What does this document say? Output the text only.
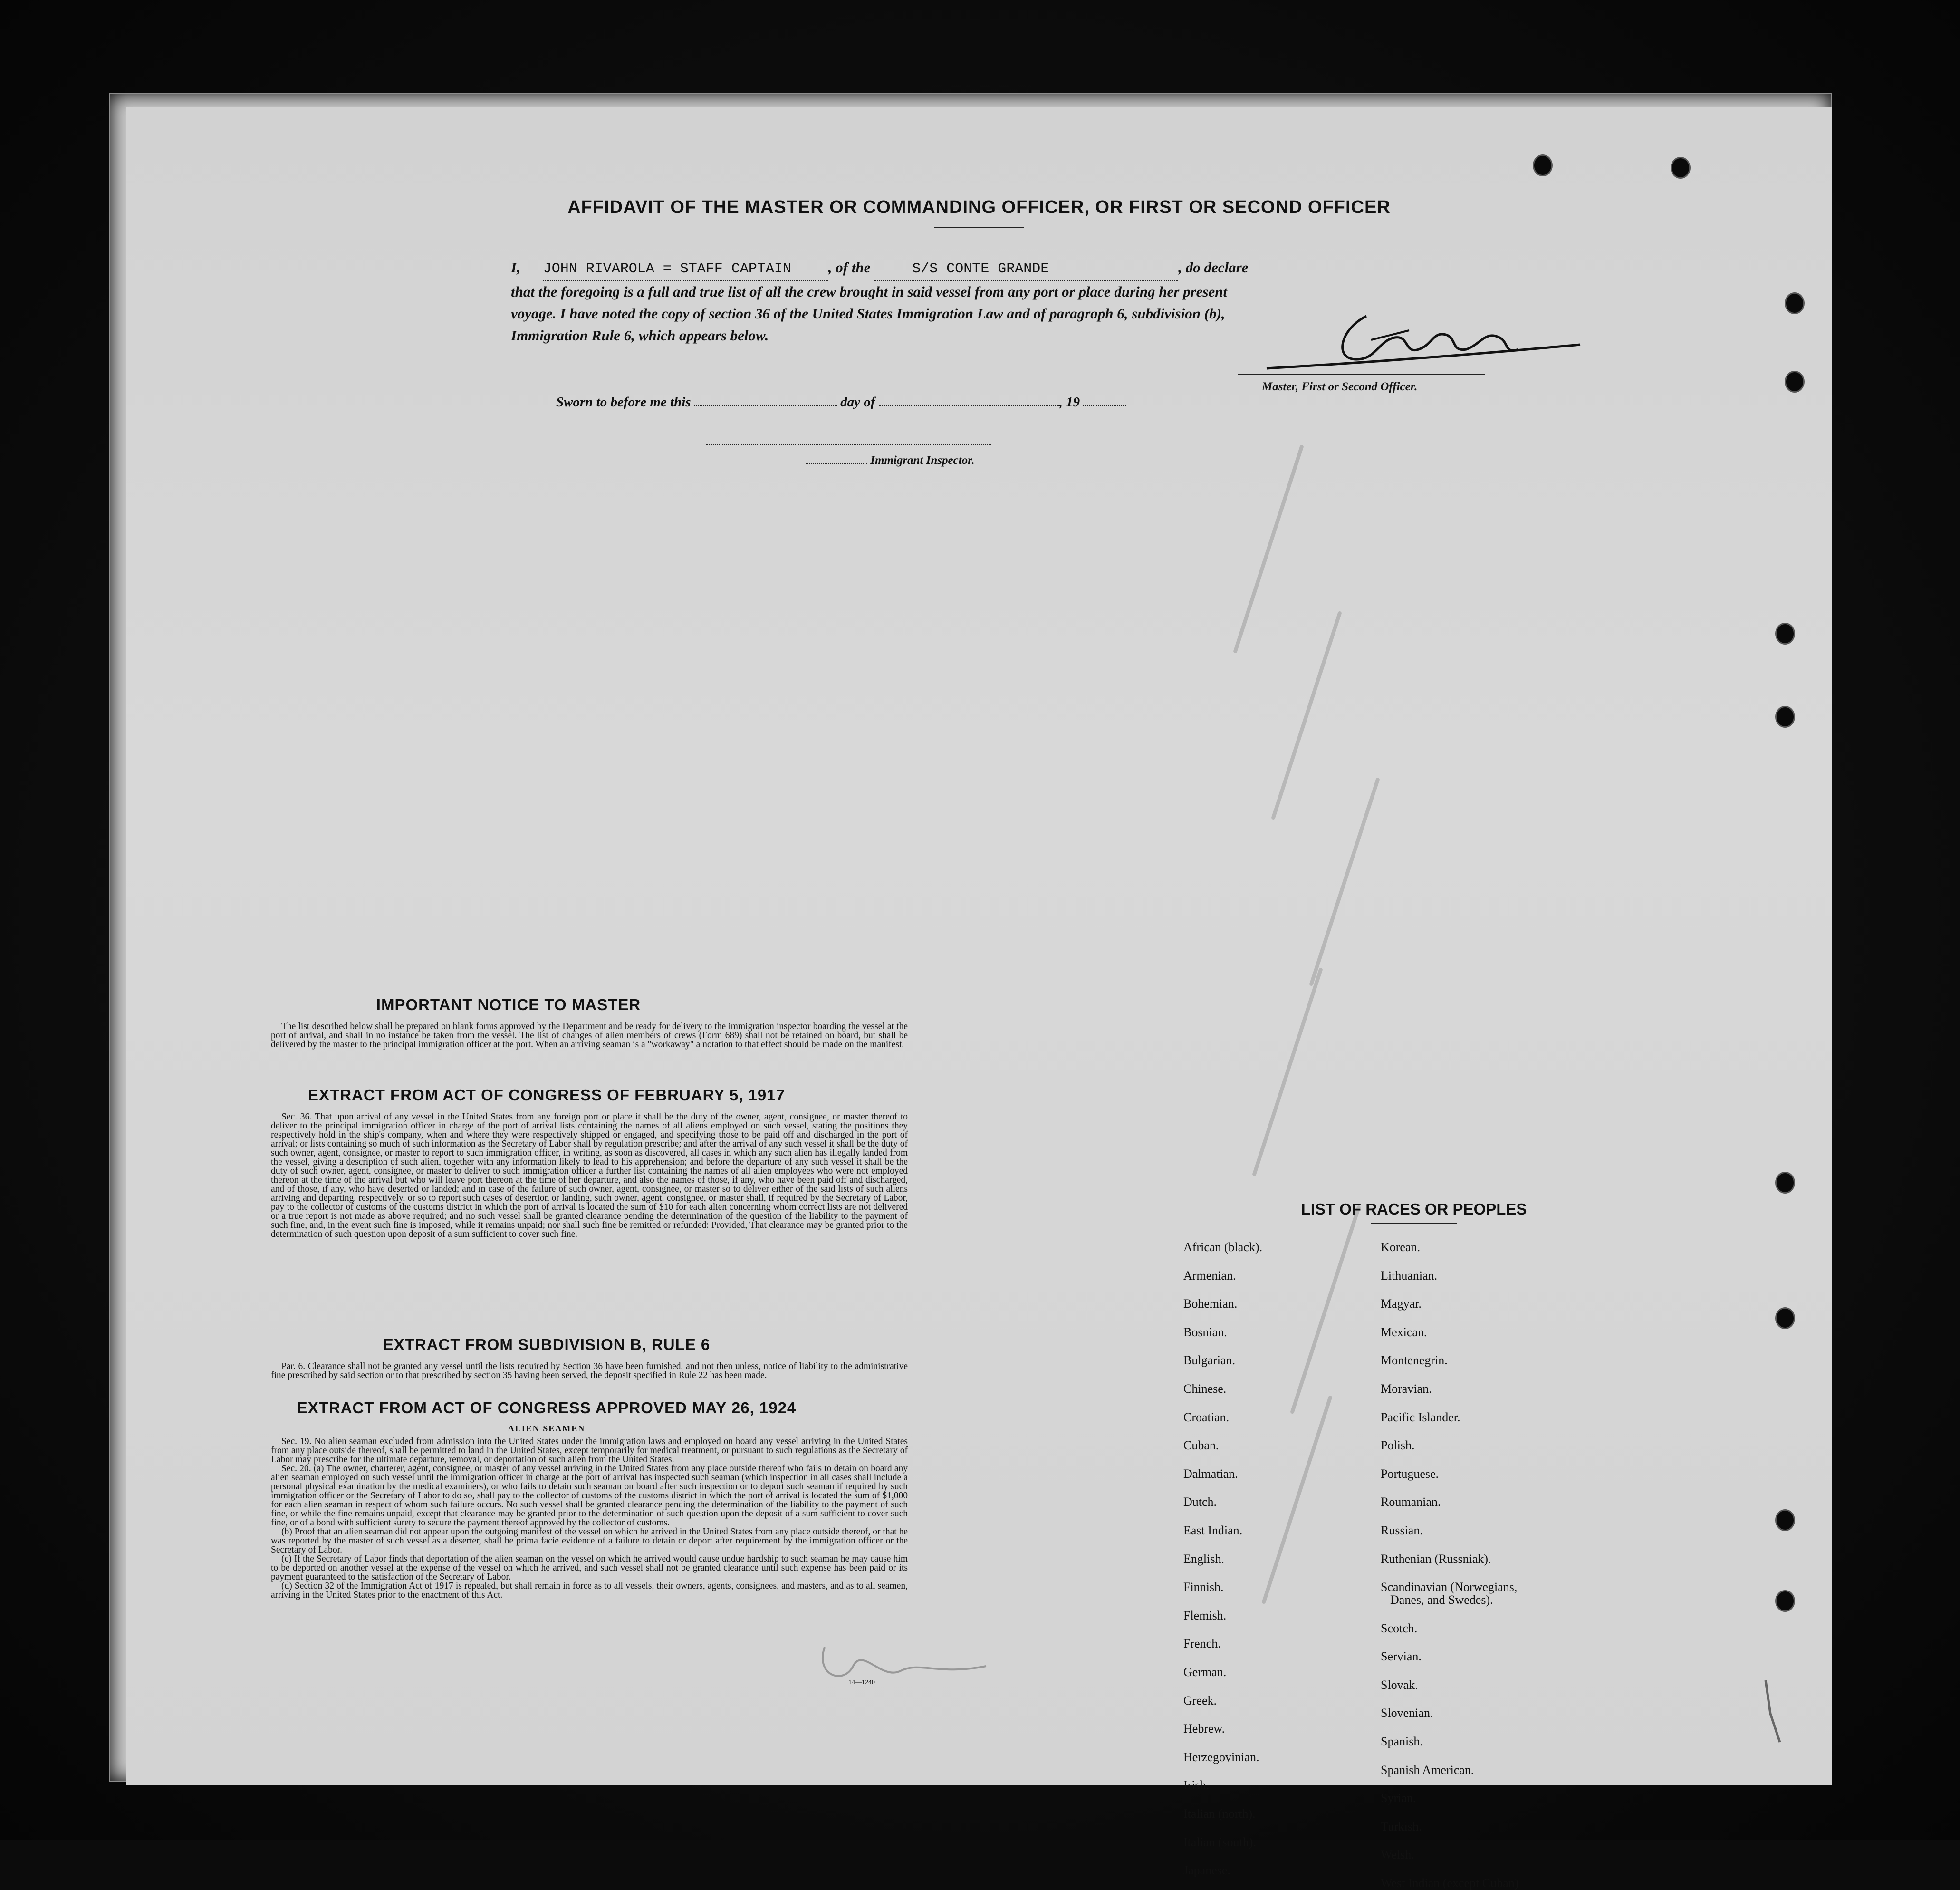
AFFIDAVIT OF THE MASTER OR COMMANDING OFFICER, OR FIRST OR SECOND OFFICER
I, JOHN RIVAROLA = STAFF CAPTAIN	, of the	S/S CONTE GRANDE	, do declare
that the foregoing is a full and true list of all the crew brought in said vessel from any port or place during her present
voyage. I have noted the copy of section 36 of the United States Immigration Law and of paragraph 6, subdivision (b),
Immigration Rule 6, which appears below.
Master, First or Second Officer.
Sworn to before me this	day of	, 19
Immigrant Inspector.
IMPORTANT NOTICE TO MASTER

The list described below shall be prepared on blank forms approved by the Department and be ready for delivery to the immigration inspector boarding the vessel at the port of arrival, and shall in no instance be taken from the vessel. The list of changes of alien members of crews (Form 689) shall not be retained on board, but shall be delivered by the master to the principal immigration officer at the port. When an arriving seaman is a "workaway" a notation to that effect should be made on the manifest.

EXTRACT FROM ACT OF CONGRESS OF FEBRUARY 5, 1917

Sec. 36. That upon arrival of any vessel in the United States from any foreign port or place it shall be the duty of the owner, agent, consignee, or master thereof to deliver to the principal immigration officer in charge of the port of arrival lists containing the names of all aliens employed on such vessel, stating the positions they respectively hold in the ship's company, when and where they were respectively shipped or engaged, and specifying those to be paid off and discharged in the port of arrival; or lists containing so much of such information as the Secretary of Labor shall by regulation prescribe; and after the arrival of any such vessel it shall be the duty of such owner, agent, consignee, or master to report to such immigration officer, in writing, as soon as discovered, all cases in which any such alien has illegally landed from the vessel, giving a description of such alien, together with any information likely to lead to his apprehension; and before the departure of any such vessel it shall be the duty of such owner, agent, consignee, or master to deliver to such immigration officer a further list containing the names of all alien employees who were not employed thereon at the time of the arrival but who will leave port thereon at the time of her departure, and also the names of those, if any, who have been paid off and discharged, and of those, if any, who have deserted or landed; and in case of the failure of such owner, agent, consignee, or master so to deliver either of the said lists of such aliens arriving and departing, respectively, or so to report such cases of desertion or landing, such owner, agent, consignee, or master shall, if required by the Secretary of Labor, pay to the collector of customs of the customs district in which the port of arrival is located the sum of $10 for each alien concerning whom correct lists are not delivered or a true report is not made as above required; and no such vessel shall be granted clearance pending the determination of the question of the liability to the payment of such fine, and, in the event such fine is imposed, while it remains unpaid; nor shall such fine be remitted or refunded: Provided, That clearance may be granted prior to the determination of such question upon deposit of a sum sufficient to cover such fine.

EXTRACT FROM SUBDIVISION B, RULE 6

Par. 6. Clearance shall not be granted any vessel until the lists required by Section 36 have been furnished, and not then unless, notice of liability to the administrative fine prescribed by said section or to that prescribed by section 35 having been served, the deposit specified in Rule 22 has been made.

EXTRACT FROM ACT OF CONGRESS APPROVED MAY 26, 1924
ALIEN SEAMEN

Sec. 19. No alien seaman excluded from admission into the United States under the immigration laws and employed on board any vessel arriving in the United States from any place outside thereof, shall be permitted to land in the United States, except temporarily for medical treatment, or pursuant to such regulations as the Secretary of Labor may prescribe for the ultimate departure, removal, or deportation of such alien from the United States.

Sec. 20. (a) The owner, charterer, agent, consignee, or master of any vessel arriving in the United States from any place outside thereof who fails to detain on board any alien seaman employed on such vessel until the immigration officer in charge at the port of arrival has inspected such seaman (which inspection in all cases shall include a personal physical examination by the medical examiners), or who fails to detain such seaman on board after such inspection or to deport such seaman if required by such immigration officer or the Secretary of Labor to do so, shall pay to the collector of customs of the customs district in which the port of arrival is located the sum of $1,000 for each alien seaman in respect of whom such failure occurs. No such vessel shall be granted clearance pending the determination of the liability to the payment of such fine, or while the fine remains unpaid, except that clearance may be granted prior to the determination of such question upon the deposit of a sum sufficient to cover such fine, or of a bond with sufficient surety to secure the payment thereof approved by the collector of customs.

(b) Proof that an alien seaman did not appear upon the outgoing manifest of the vessel on which he arrived in the United States from any place outside thereof, or that he was reported by the master of such vessel as a deserter, shall be prima facie evidence of a failure to detain or deport after requirement by the immigration officer or the Secretary of Labor.

(c) If the Secretary of Labor finds that deportation of the alien seaman on the vessel on which he arrived would cause undue hardship to such seaman he may cause him to be deported on another vessel at the expense of the vessel on which he arrived, and such vessel shall not be granted clearance until such expense has been paid or its payment guaranteed to the satisfaction of the Secretary of Labor.

(d) Section 32 of the Immigration Act of 1917 is repealed, but shall remain in force as to all vessels, their owners, agents, consignees, and masters, and as to all seamen, arriving in the United States prior to the enactment of this Act.

14—1240
LIST OF RACES OR PEOPLES
African (black).
Armenian.
Bohemian.
Bosnian.
Bulgarian.
Chinese.
Croatian.
Cuban.
Dalmatian.
Dutch.
East Indian.
English.
Finnish.
Flemish.
French.
German.
Greek.
Hebrew.
Herzegovinian.
Irish.
Italian (north).
Italian (south).
Japanese.
Korean.
Lithuanian.
Magyar.
Mexican.
Montenegrin.
Moravian.
Pacific Islander.
Polish.
Portuguese.
Roumanian.
Russian.
Ruthenian (Russniak).
Scandinavian (Norwegians,
Danes, and Swedes).
Scotch.
Servian.
Slovak.
Slovenian.
Spanish.
Spanish American.
Syrian.
Turkish.
Welsh.
West Indian (except Cuban)
